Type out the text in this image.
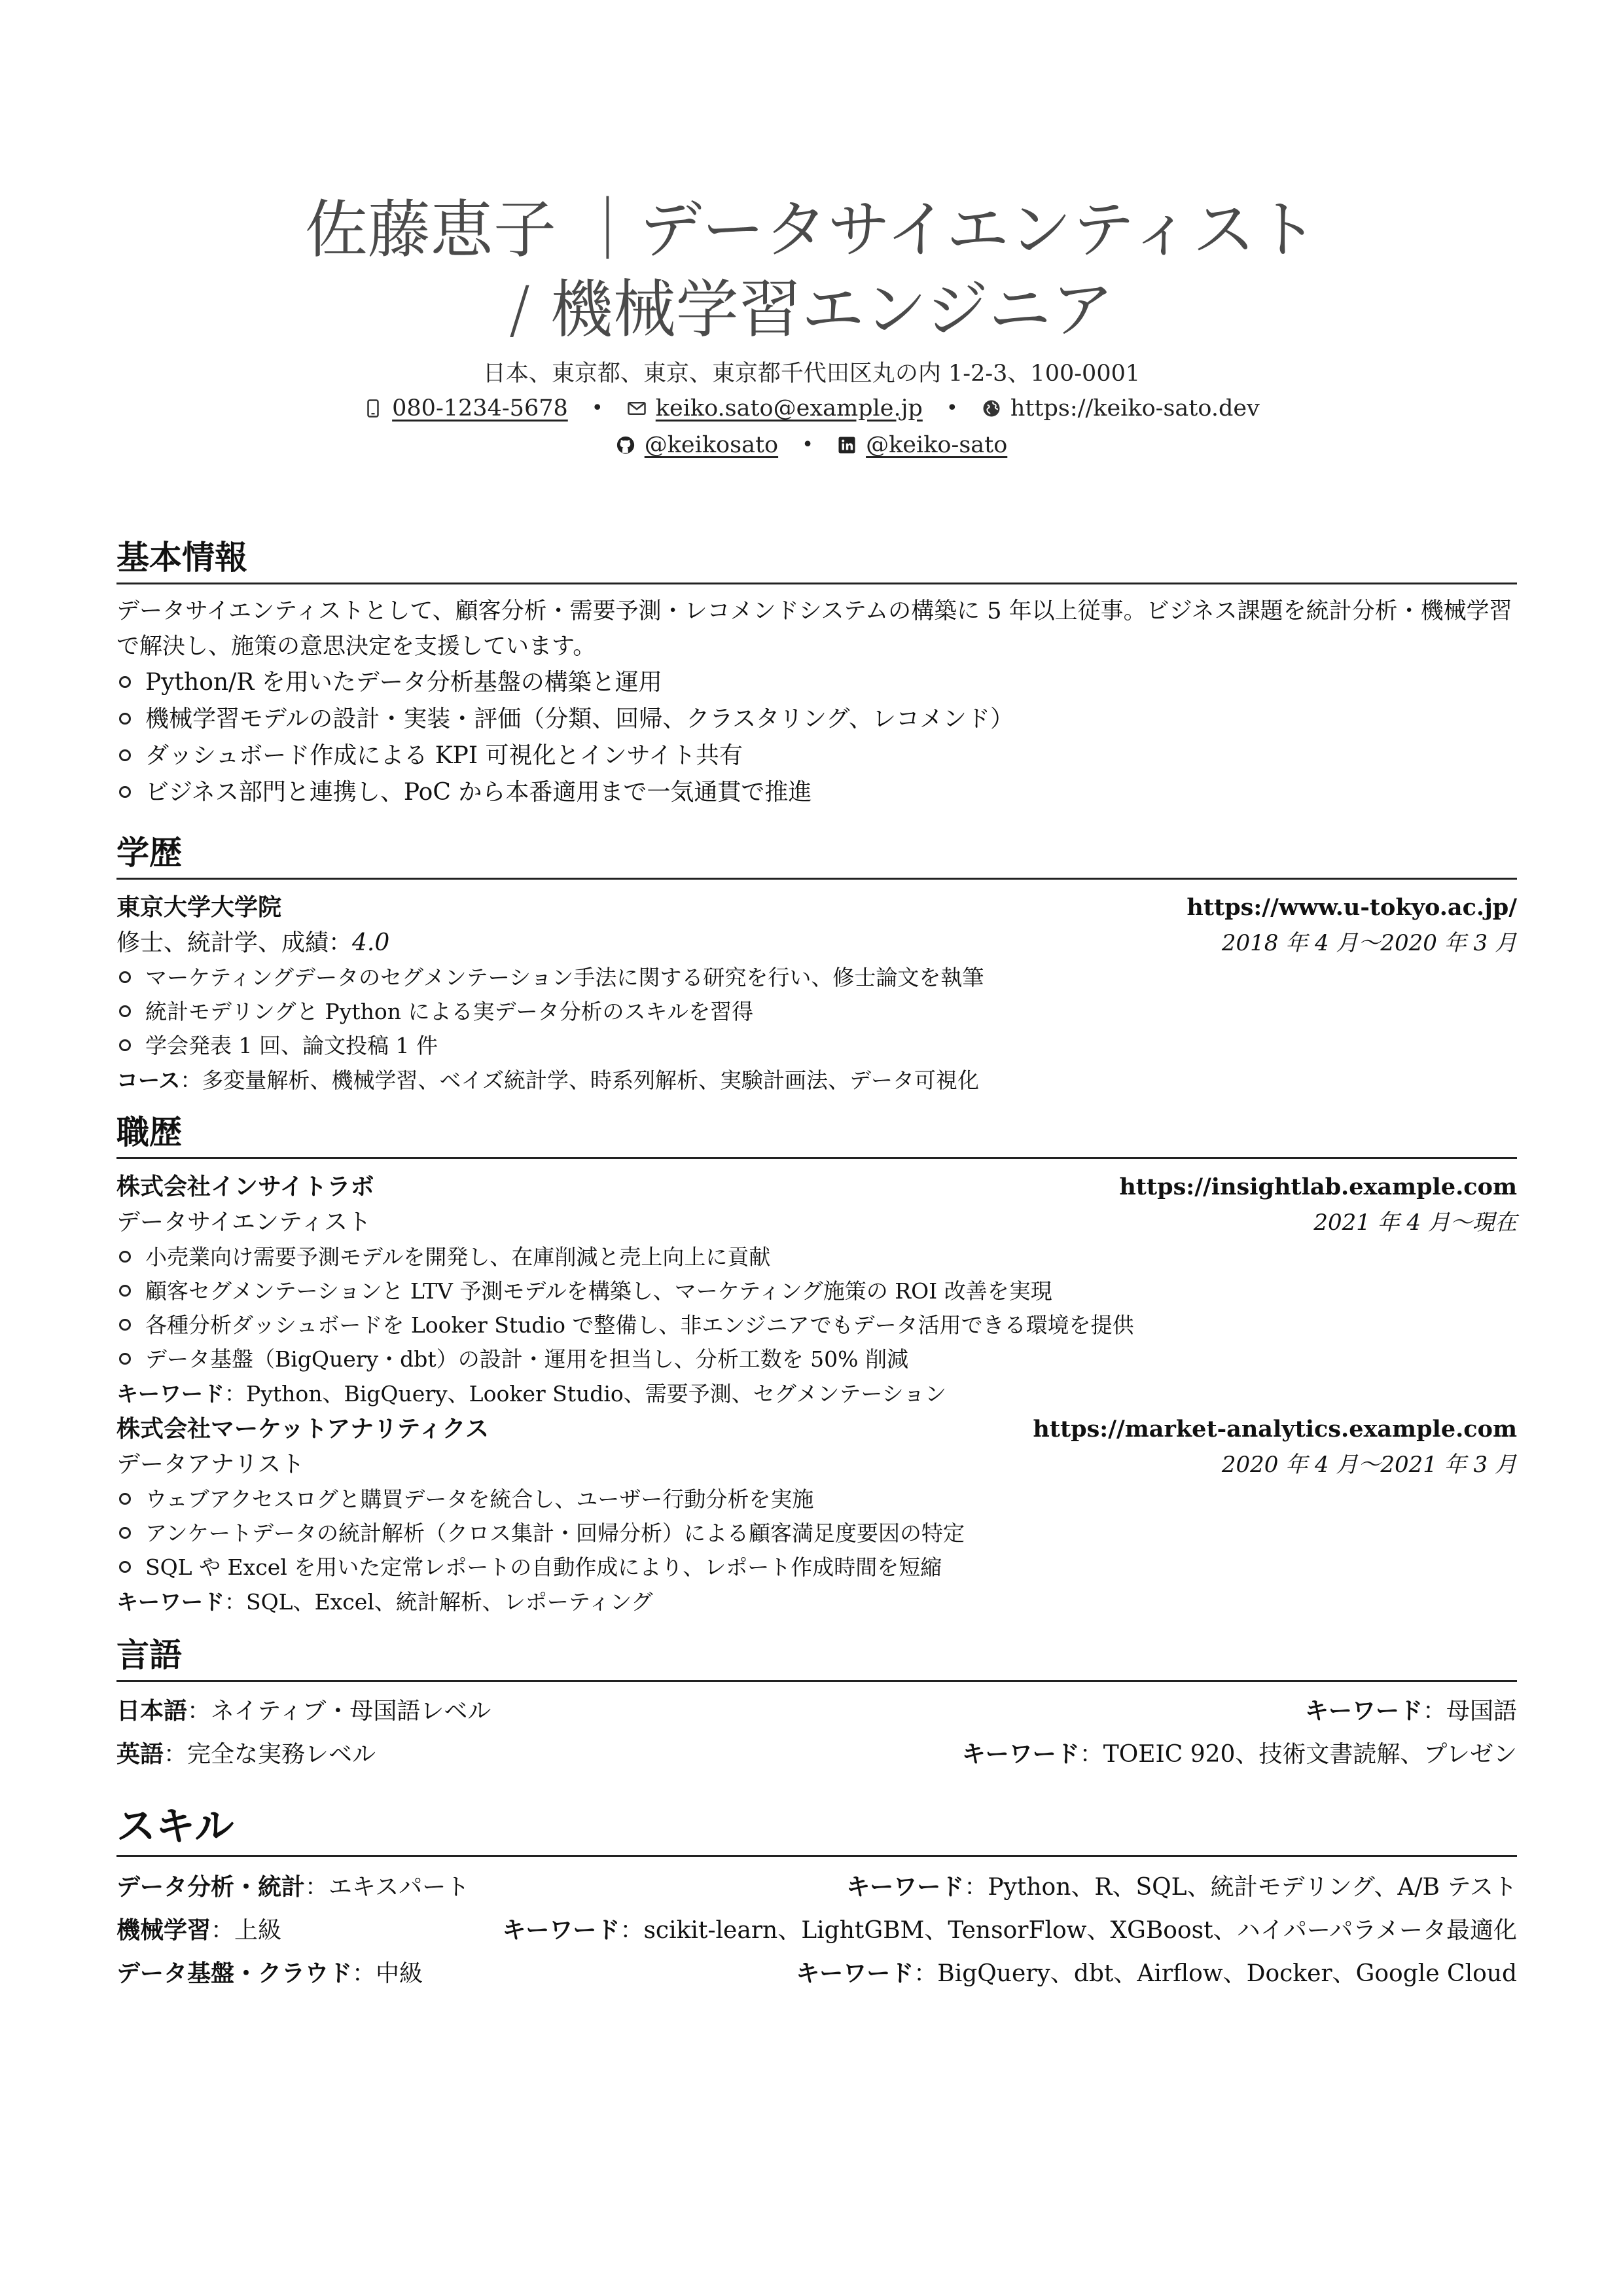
佐藤恵子 ｜データサイエンティスト
/ 機械学習エンジニア
日本、東京都、東京、東京都千代田区丸の内 1-2-3、100-0001
080-1234-5678	•	keiko.sato@example.jp	•	https://keiko-sato.dev
@keikosato	•	@keiko-sato
基本情報
データサイエンティストとして、顧客分析・需要予測・レコメンドシステムの構築に 5 年以上従事。ビジネス課題を統計分析・機械学習で解決し、施策の意思決定を支援しています。
Python/R を用いたデータ分析基盤の構築と運用
機械学習モデルの設計・実装・評価（分類、回帰、クラスタリング、レコメンド）
ダッシュボード作成による KPI 可視化とインサイト共有
ビジネス部門と連携し、PoC から本番適用まで一気通貫で推進
学歴
東京大学大学院	https://www.u-tokyo.ac.jp/
修士、統計学、成績：4.0	2018 年 4 月〜2020 年 3 月
マーケティングデータのセグメンテーション手法に関する研究を行い、修士論文を執筆
統計モデリングと Python による実データ分析のスキルを習得
学会発表 1 回、論文投稿 1 件
コース：多変量解析、機械学習、ベイズ統計学、時系列解析、実験計画法、データ可視化
職歴
株式会社インサイトラボ	https://insightlab.example.com
データサイエンティスト	2021 年 4 月〜現在
小売業向け需要予測モデルを開発し、在庫削減と売上向上に貢献
顧客セグメンテーションと LTV 予測モデルを構築し、マーケティング施策の ROI 改善を実現
各種分析ダッシュボードを Looker Studio で整備し、非エンジニアでもデータ活用できる環境を提供
データ基盤（BigQuery・dbt）の設計・運用を担当し、分析工数を 50% 削減
キーワード：Python、BigQuery、Looker Studio、需要予測、セグメンテーション
株式会社マーケットアナリティクス	https://market-analytics.example.com
データアナリスト	2020 年 4 月〜2021 年 3 月
ウェブアクセスログと購買データを統合し、ユーザー行動分析を実施
アンケートデータの統計解析（クロス集計・回帰分析）による顧客満足度要因の特定
SQL や Excel を用いた定常レポートの自動作成により、レポート作成時間を短縮
キーワード：SQL、Excel、統計解析、レポーティング
言語
日本語：ネイティブ・母国語レベル	キーワード：母国語
英語：完全な実務レベル	キーワード：TOEIC 920、技術文書読解、プレゼン
スキル
データ分析・統計：エキスパート	キーワード：Python、R、SQL、統計モデリング、A/B テスト
機械学習：上級	キーワード：scikit-learn、LightGBM、TensorFlow、XGBoost、ハイパーパラメータ最適化
データ基盤・クラウド：中級	キーワード：BigQuery、dbt、Airflow、Docker、Google Cloud
